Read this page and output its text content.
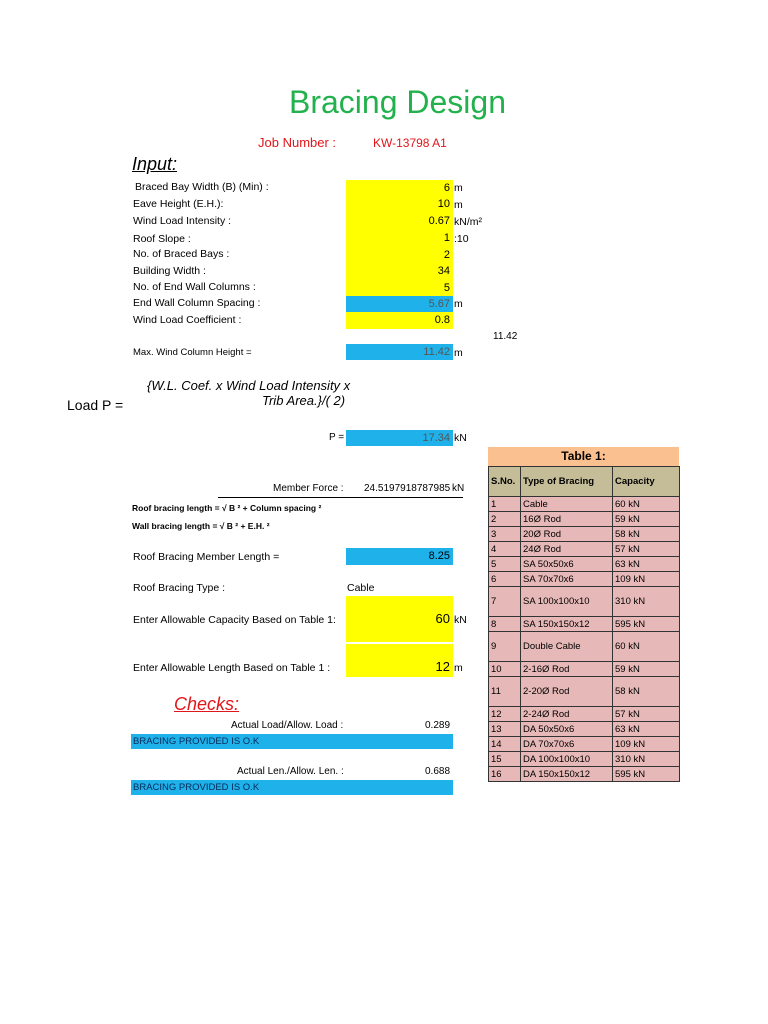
Bracing Design
Job Number :	KW-13798 A1
Input:
Braced Bay Width (B) (Min) :	6 m
Eave Height (E.H.):	10 m
Wind Load Intensity :	0.67 kN/m²
Roof Slope :	1 :10
No. of Braced Bays :	2
Building Width :	34
No. of End Wall Columns :	5
End Wall Column Spacing :	5.67 m
Wind Load Coefficient :	0.8
11.42
Max. Wind Column Height =	11.42 m
{W.L. Coef. x Wind Load Intensity x
Trib Area.}/( 2)
Load P =
P =	17.34 kN
Member Force : 24.5197918787985 kN
Roof bracing length = √ B ² + Column spacing ²
Wall bracing length = √ B ² + E.H. ²
Roof Bracing Member Length =	8.25
Roof Bracing Type :	Cable
Enter Allowable Capacity Based on Table 1:	60 kN
Enter Allowable Length Based on Table 1 :	12 m
Checks:
Actual Load/Allow. Load :	0.289
BRACING PROVIDED IS O.K
Actual Len./Allow. Len. :	0.688
BRACING PROVIDED IS O.K
Table 1:
S.No.	Type of Bracing	Capacity
1	Cable	60 kN
2	16Ø Rod	59 kN
3	20Ø Rod	58 kN
4	24Ø Rod	57 kN
5	SA 50x50x6	63 kN
6	SA 70x70x6	109 kN
7	SA 100x100x10	310 kN
8	SA 150x150x12	595 kN
9	Double Cable	60 kN
10	2-16Ø Rod	59 kN
11	2-20Ø Rod	58 kN
12	2-24Ø Rod	57 kN
13	DA 50x50x6	63 kN
14	DA 70x70x6	109 kN
15	DA 100x100x10	310 kN
16	DA 150x150x12	595 kN
